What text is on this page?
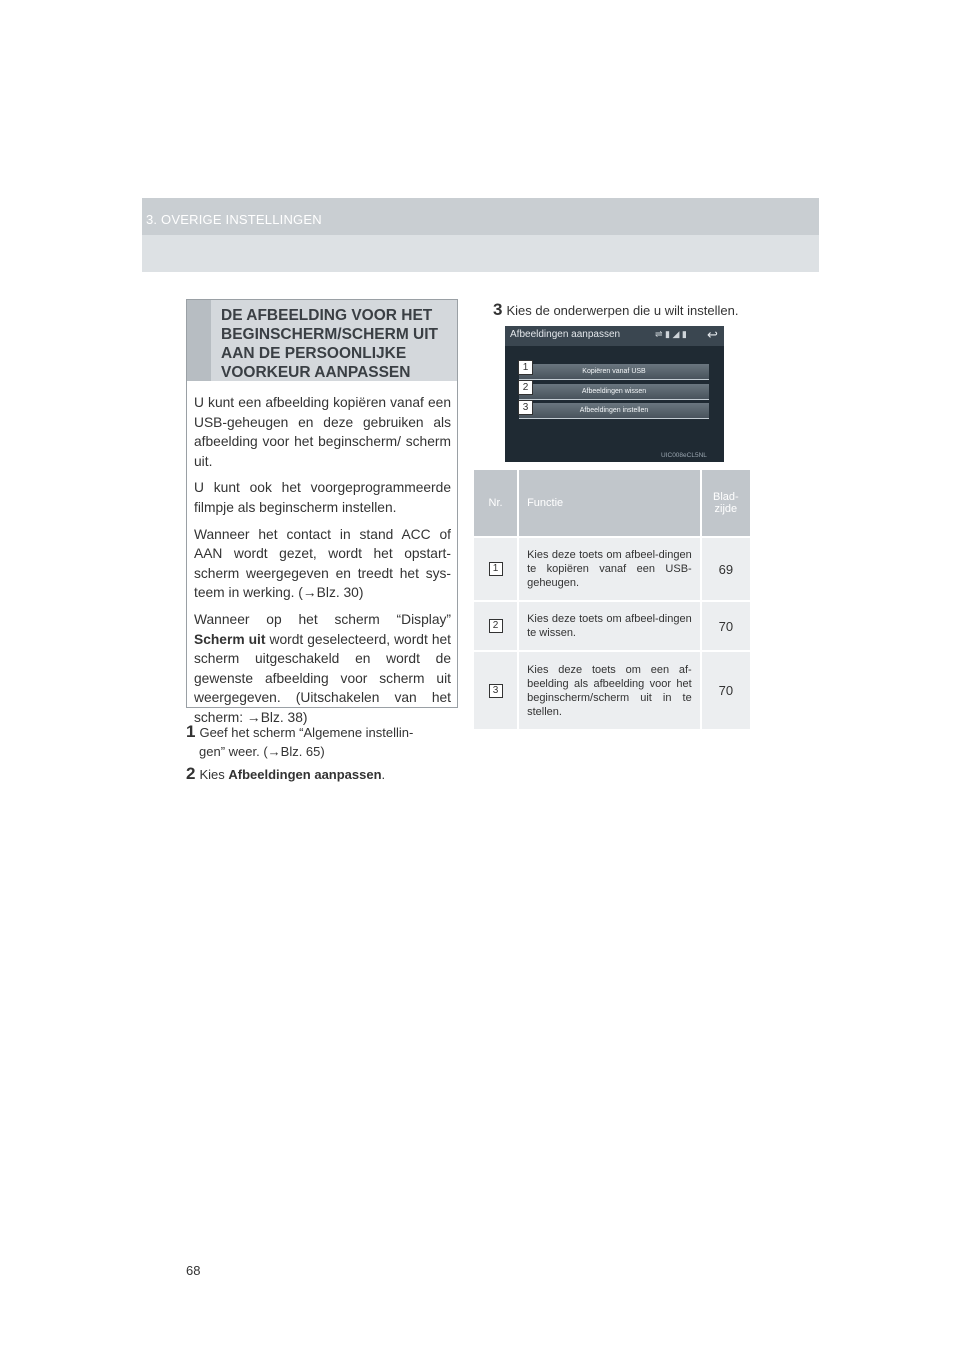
3. OVERIGE INSTELLINGEN
DE AFBEELDING VOOR HET BEGINSCHERM/SCHERM UIT AAN DE PERSOONLIJKE VOORKEUR AANPASSEN

U kunt een afbeelding kopiëren vanaf een USB-geheugen en deze gebruiken als afbeelding voor het beginscherm/ scherm uit.

U kunt ook het voorgeprogrammeerde filmpje als beginscherm instellen.

Wanneer het contact in stand ACC of AAN wordt gezet, wordt het opstart-scherm weergegeven en treedt het sys-teem in werking. (→Blz. 30)

Wanneer op het scherm “Display” Scherm uit wordt geselecteerd, wordt het scherm uitgeschakeld en wordt de gewenste afbeelding voor scherm uit weergegeven. (Uitschakelen van het scherm: →Blz. 38)

1 Geef het scherm “Algemene instellin-
gen” weer. (→Blz. 65)
2 Kies Afbeeldingen aanpassen.
3 Kies de onderwerpen die u wilt instellen.
Afbeeldingen aanpassen	⇌ ▮ ◢ ▮ ↩
Kopiëren vanaf USB
Afbeeldingen wissen
Afbeeldingen instellen
UIC008eCL5NL
1
2
3
Nr.	Functie	Blad-zijde
1	Kies deze toets om afbeel-dingen te kopiëren vanaf een USB-geheugen.	69
2	Kies deze toets om afbeel-dingen te wissen.	70
3	Kies deze toets om een af-beelding als afbeelding voor het beginscherm/scherm uit in te stellen.	70
68
